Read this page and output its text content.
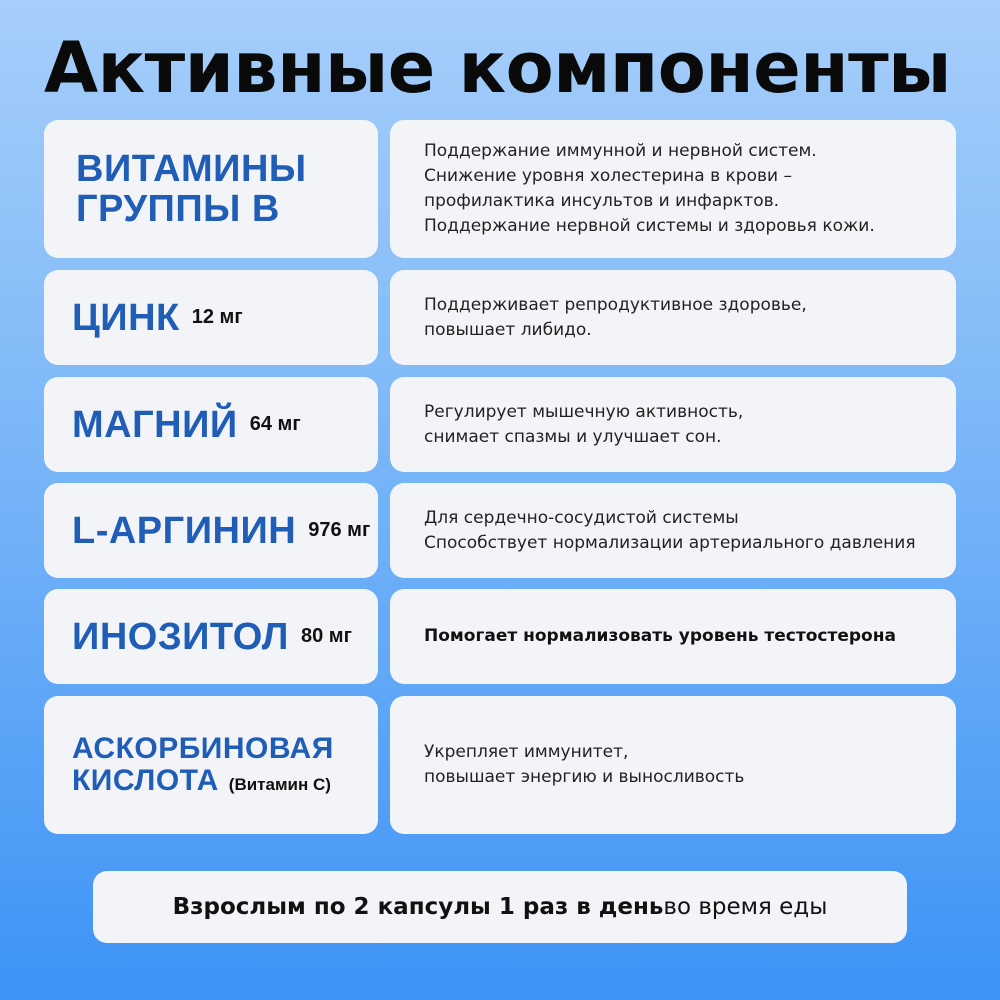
Активные компоненты
ВИТАМИНЫ
ГРУППЫ В
Поддержание иммунной и нервной систем.
Снижение уровня холестерина в крови –
профилактика инсультов и инфарктов.
Поддержание нервной системы и здоровья кожи.
ЦИНК 12 мг
Поддерживает репродуктивное здоровье,
повышает либидо.
МАГНИЙ 64 мг
Регулирует мышечную активность,
снимает спазмы и улучшает сон.
L-АРГИНИН 976 мг
Для сердечно-сосудистой системы
Способствует нормализации артериального давления
ИНОЗИТОЛ 80 мг	Помогает нормализовать уровень тестостерона
АСКОРБИНОВАЯ
КИСЛОТА (Витамин С)
Укрепляет иммунитет,
повышает энергию и выносливость
Взрослым по 2 капсулы 1 раз в день во время еды
